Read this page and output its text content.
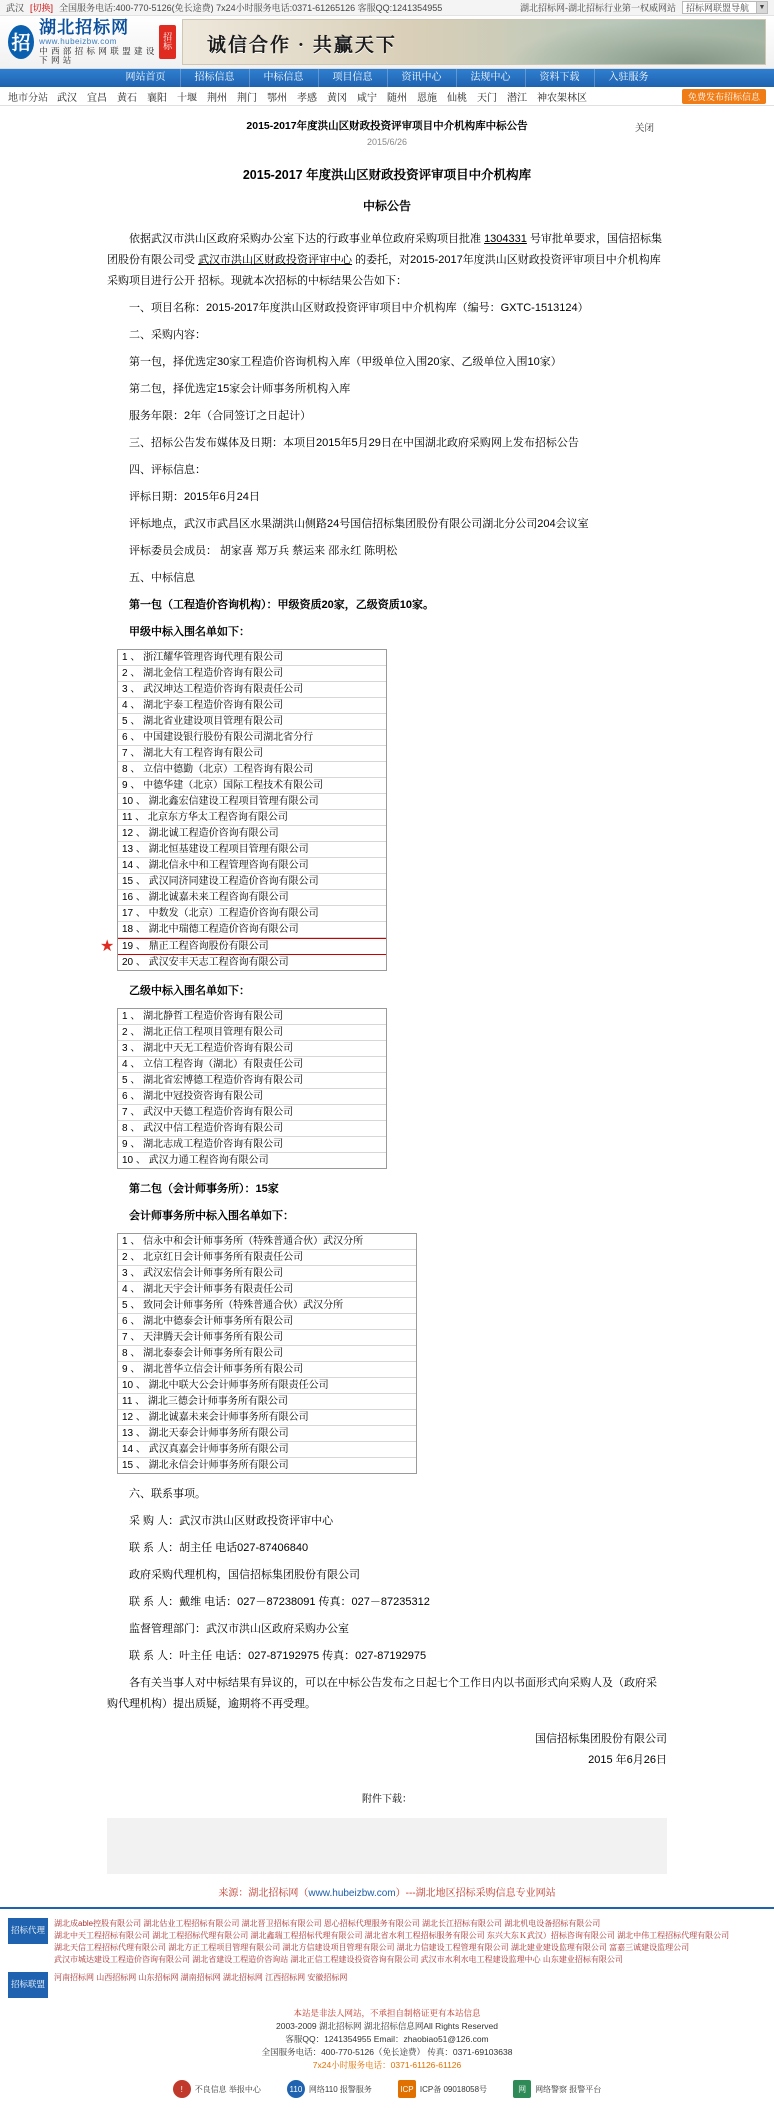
武汉 [切换] 全国服务电话:400-770-5126(免长途费) 7x24小时服务电话:0371-61265126 客服QQ:1241354955	湖北招标网-湖北招标行业第一权威网站	招标网联盟导航	▼
招
湖北招标网
www.hubeizbw.com
中 西 部 招 标 网 联 盟 建 设 下 网 站
招标 诚信合作 · 共赢天下
网站首页	招标信息	中标信息	项目信息	资讯中心	法规中心	资料下载	入驻服务
地市分站 武汉 宜昌 黄石 襄阳 十堰 荆州 荆门 鄂州 孝感 黄冈 咸宁 随州 恩施 仙桃 天门 潜江 神农架林区	免费发布招标信息
2015-2017年度洪山区财政投资评审项目中介机构库中标公告
2015/6/26
关闭
2015-2017 年度洪山区财政投资评审项目中介机构库
中标公告

依据武汉市洪山区政府采购办公室下达的行政事业单位政府采购项目批准 1304331 号审批单要求，国信招标集团股份有限公司受 武汉市洪山区财政投资评审中心 的委托，对2015-2017年度洪山区财政投资评审项目中介机构库采购项目进行公开 招标。现就本次招标的中标结果公告如下：

一、项目名称：2015-2017年度洪山区财政投资评审项目中介机构库（编号：GXTC-1513124）

二、采购内容：

第一包，择优选定30家工程造价咨询机构入库（甲级单位入围20家、乙级单位入围10家）

第二包，择优选定15家会计师事务所机构入库

服务年限：2年（合同签订之日起计）

三、招标公告发布媒体及日期：本项目2015年5月29日在中国湖北政府采购网上发布招标公告

四、评标信息：

评标日期：2015年6月24日

评标地点，武汉市武昌区水果湖洪山侧路24号国信招标集团股份有限公司湖北分公司204会议室

评标委员会成员： 胡家喜 郑万兵 蔡运来 邵永红 陈明松

五、中标信息

第一包（工程造价咨询机构）：甲级资质20家，乙级资质10家。

甲级中标入围名单如下：

1 、 浙江耀华管理咨询代理有限公司
2 、 湖北金信工程造价咨询有限公司
3 、 武汉坤达工程造价咨询有限责任公司
4 、 湖北宇泰工程造价咨询有限公司
5 、 湖北省业建设项目管理有限公司
6 、 中国建设银行股份有限公司湖北省分行
7 、 湖北大有工程咨询有限公司
8 、 立信中德勤（北京）工程咨询有限公司
9 、 中德华建（北京）国际工程技术有限公司
10 、 湖北鑫宏信建设工程项目管理有限公司
11 、 北京东方华太工程咨询有限公司
12 、 湖北诚工程造价咨询有限公司
13 、 湖北恒基建设工程项目管理有限公司
14 、 湖北信永中和工程管理咨询有限公司
15 、 武汉同济同建设工程造价咨询有限公司
16 、 湖北诚嘉未来工程咨询有限公司
17 、 中数发（北京）工程造价咨询有限公司
18 、 湖北中瑞德工程造价咨询有限公司
★ 19 、 鼎正工程咨询股份有限公司
20 、 武汉安丰天志工程咨询有限公司

乙级中标入围名单如下：

1 、 湖北静哲工程造价咨询有限公司
2 、 湖北正信工程项目管理有限公司
3 、 湖北中天无工程造价咨询有限公司
4 、 立信工程咨询（湖北）有限责任公司
5 、 湖北省宏博德工程造价咨询有限公司
6 、 湖北中冠投资咨询有限公司
7 、 武汉中天德工程造价咨询有限公司
8 、 武汉中信工程造价咨询有限公司
9 、 湖北志成工程造价咨询有限公司
10 、 武汉力通工程咨询有限公司

第二包（会计师事务所）：15家

会计师事务所中标入围名单如下：

1 、 信永中和会计师事务所（特殊普通合伙）武汉分所
2 、 北京红日会计师事务所有限责任公司
3 、 武汉宏信会计师事务所有限公司
4 、 湖北天宇会计师事务有限责任公司
5 、 致同会计师事务所（特殊普通合伙）武汉分所
6 、 湖北中德泰会计师事务所有限公司
7 、 天津腾天会计师事务所有限公司
8 、 湖北泰泰会计师事务所有限公司
9 、 湖北普华立信会计师事务所有限公司
10 、 湖北中联大公会计师事务所有限责任公司
11 、 湖北三德会计师事务所有限公司
12 、 湖北诚嘉未来会计师事务所有限公司
13 、 湖北天泰会计师事务所有限公司
14 、 武汉真嘉会计师事务所有限公司
15 、 湖北永信会计师事务所有限公司

六、联系事项。

采 购 人：武汉市洪山区财政投资评审中心

联 系 人：胡主任 电话027-87406840

政府采购代理机构，国信招标集团股份有限公司

联 系 人：戴维 电话：027－87238091 传真：027－87235312

监督管理部门：武汉市洪山区政府采购办公室

联 系 人：叶主任 电话：027-87192975 传真：027-87192975

各有关当事人对中标结果有异议的，可以在中标公告发布之日起七个工作日内以书面形式向采购人及（政府采购代理机构）提出质疑，逾期将不再受理。

国信招标集团股份有限公司
2015 年6月26日
附件下载：
来源：湖北招标网（www.hubeizbw.com）---湖北地区招标采购信息专业网站
招标代理
湖北成able控股有限公司 湖北估业工程招标有限公司 湖北晋卫招标有限公司 恩心招标代理服务有限公司 湖北长江招标有限公司 湖北机电设备招标有限公司
湖北中天工程招标有限公司 湖北工程招标代理有限公司 湖北鑫瑞工程招标代理有限公司 湖北省水利工程招标服务有限公司 东兴大东Ｋ武汉）招标咨询有限公司 湖北中伟工程招标代理有限公司
湖北天信工程招标代理有限公司 湖北方正工程项目管理有限公司 湖北方信建设项目管理有限公司 湖北力信建设工程管理有限公司 湖北建业建设监理有限公司 富嘉三诚建设监理公司
武汉市城达建设工程造价咨询有限公司 湖北省建设工程造价咨询站 湖北正信工程建设投资咨询有限公司 武汉市水利水电工程建设监理中心 山东建业招标有限公司
招标联盟
河南招标网 山西招标网 山东招标网 湖南招标网 湖北招标网 江西招标网 安徽招标网
本站是非法人网站，不承担自制格证更有本站信息
2003-2009 湖北招标网 湖北招标信息网All Rights Reserved
客服QQ：1241354955 Email：zhaobiao51@126.com
全国服务电话：400-770-5126（免长途费） 传真：0371-69103638
7x24小时服务电话：0371-61126-61126
!	不良信息 举报中心	110 网络110 报警服务	ICP ICP备 09018058号	网	网络警察 报警平台
